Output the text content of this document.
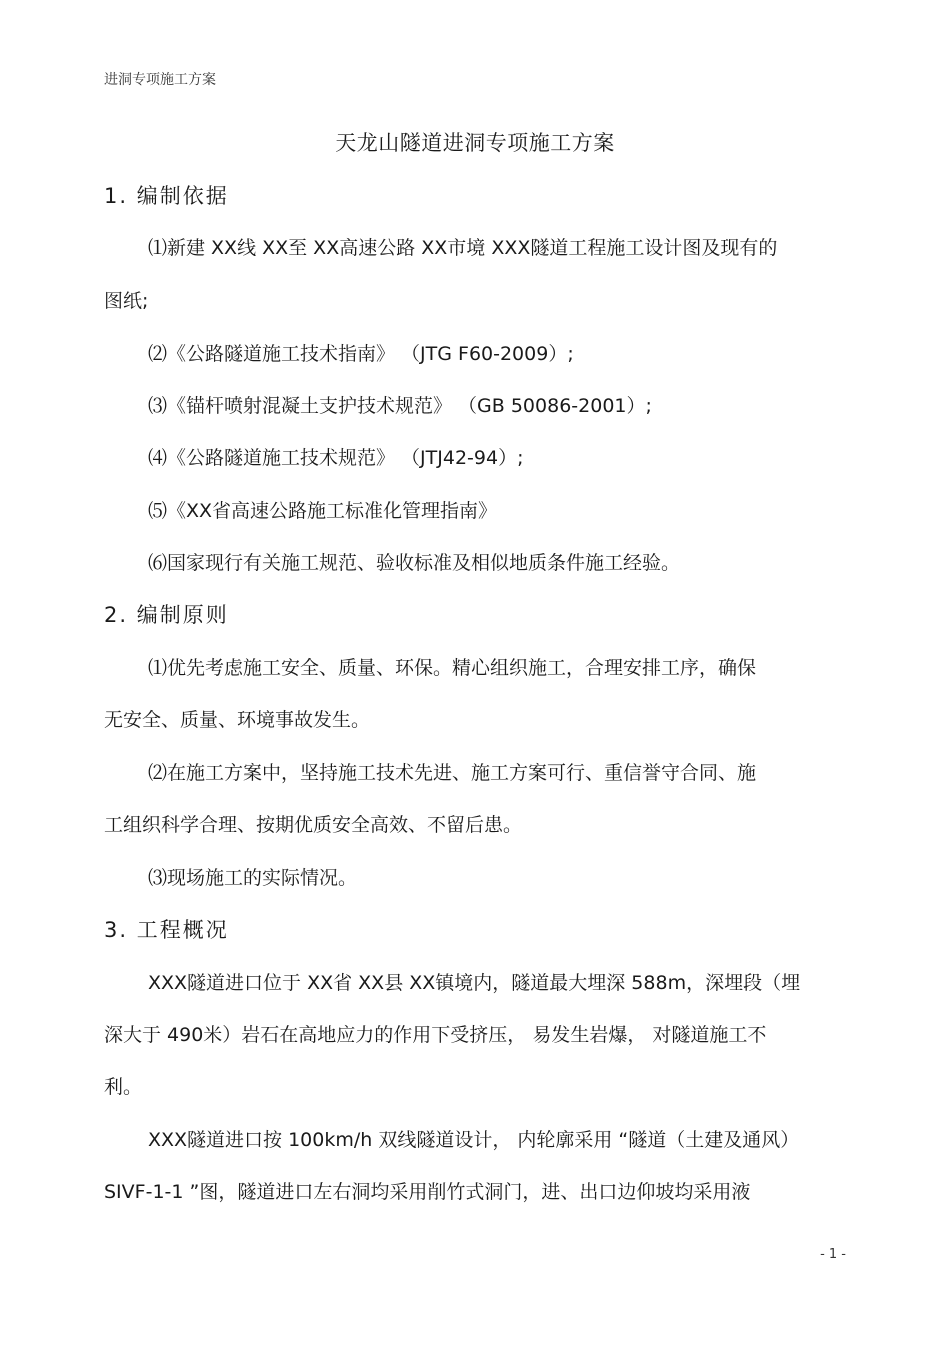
进洞专项施工方案
天龙山隧道进洞专项施工方案
1. 编制依据
⑴新建 XX线 XX至 XX高速公路 XX市境 XXX隧道工程施工设计图及现有的
图纸;
⑵《公路隧道施工技术指南》 （JTG F60-2009）;
⑶《锚杆喷射混凝土支护技术规范》 （GB 50086-2001）;
⑷《公路隧道施工技术规范》 （JTJ42-94）;
⑸《XX省高速公路施工标准化管理指南》
⑹国家现行有关施工规范、验收标准及相似地质条件施工经验。
2. 编制原则
⑴优先考虑施工安全、质量、环保。精心组织施工，合理安排工序，确保
无安全、质量、环境事故发生。
⑵在施工方案中，坚持施工技术先进、施工方案可行、重信誉守合同、施
工组织科学合理、按期优质安全高效、不留后患。
⑶现场施工的实际情况。
3. 工程概况
XXX隧道进口位于 XX省 XX县 XX镇境内，隧道最大埋深 588m，深埋段（埋
深大于 490米）岩石在高地应力的作用下受挤压， 易发生岩爆， 对隧道施工不
利。
XXX隧道进口按 100km/h 双线隧道设计， 内轮廓采用 “隧道（土建及通风）
SIVF-1-1 ”图，隧道进口左右洞均采用削竹式洞门，进、出口边仰坡均采用液
- 1 -
